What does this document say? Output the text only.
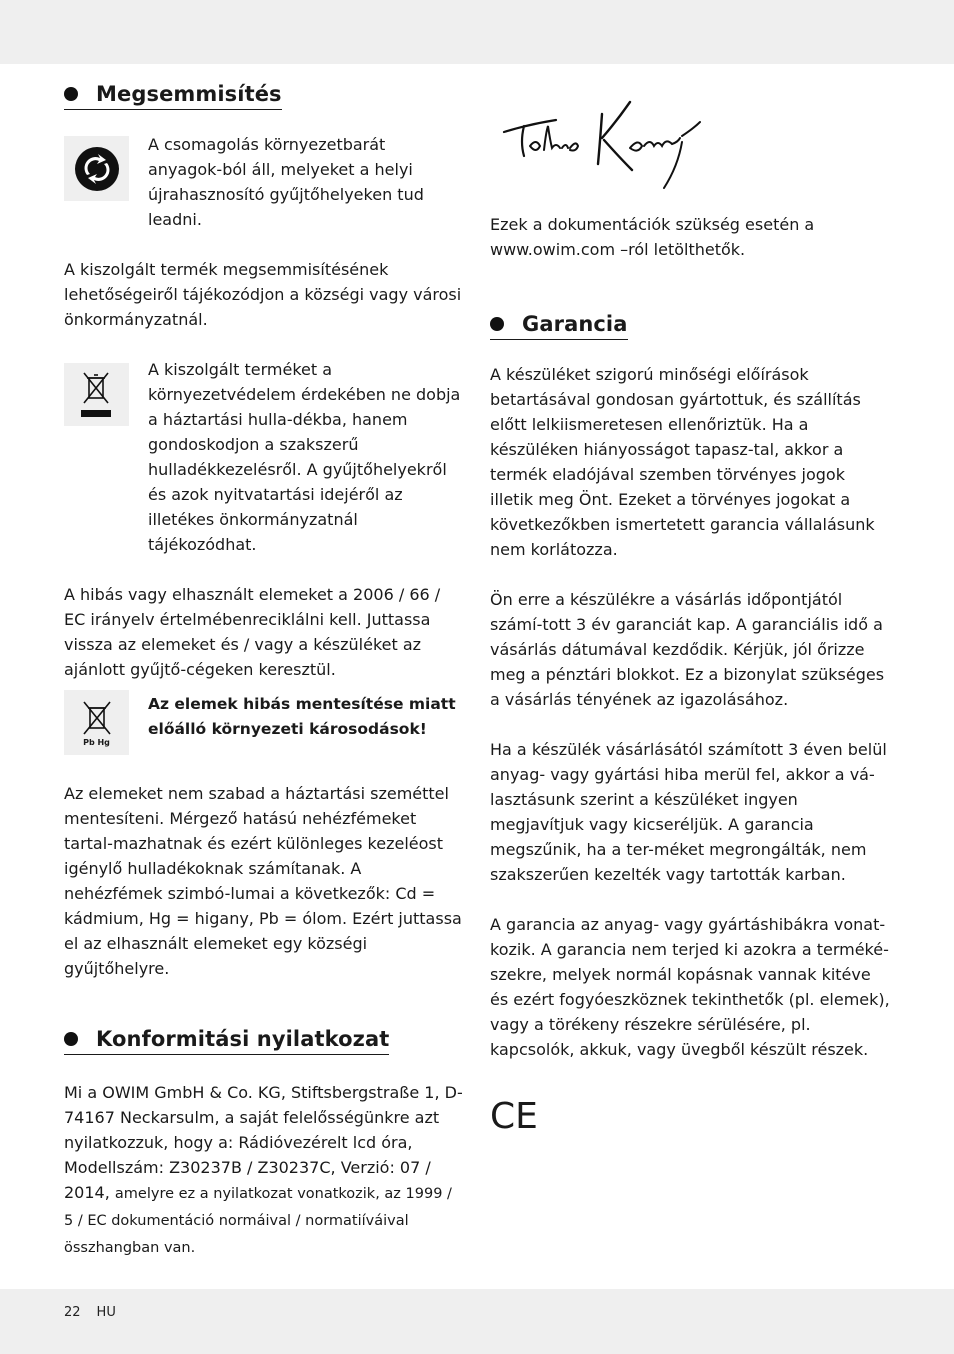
Megsemmisítés

A csomagolás környezetbarát anyagok-ból áll, melyeket a helyi újrahasznosító gyűjtőhelyeken tud leadni.

A kiszolgált termék megsemmisítésének lehetőségeiről tájékozódjon a községi vagy városi önkormányzatnál.

A kiszolgált terméket a környezetvédelem érdekében ne dobja a háztartási hulla-dékba, hanem gondoskodjon a szakszerű hulladékkezelésről. A gyűjtőhelyekről és azok nyitvatartási idejéről az illetékes önkormányzatnál tájékozódhat.

A hibás vagy elhasznált elemeket a 2006 / 66 / EC irányelv értelmébenreciklálni kell. Juttassa vissza az elemeket és / vagy a készüléket az ajánlott gyűjtő-cégeken keresztül.

Pb Hg

Az elemek hibás mentesítése miatt előálló környezeti károsodások!

Az elemeket nem szabad a háztartási szeméttel mentesíteni. Mérgező hatású nehézfémeket tartal-mazhatnak és ezért különleges kezeléost igénylő hulladékoknak számítanak. A nehézfémek szimbó-lumai a következők: Cd = kádmium, Hg = higany, Pb = ólom. Ezért juttassa el az elhasznált elemeket egy községi gyűjtőhelyre.

Konformitási nyilatkozat

Mi a OWIM GmbH & Co. KG, Stiftsbergstraße 1, D-74167 Neckarsulm, a saját felelősségünkre azt nyilatkozzuk, hogy a: Rádióvezérelt lcd óra, Modellszám: Z30237B / Z30237C, Verzió: 07 / 2014, amelyre ez a nyilatkozat vonatkozik, az 1999 / 5 / EC dokumentáció normáival / normatiíváival összhangban van.

Ezek a dokumentációk szükség esetén a www.owim.com –ról letölthetők.

Garancia

A készüléket szigorú minőségi előírások betartásával gondosan gyártottuk, és szállítás előtt lelkiismeretesen ellenőriztük. Ha a készüléken hiányosságot tapasz-tal, akkor a termék eladójával szemben törvényes jogok illetik meg Önt. Ezeket a törvényes jogokat a következőkben ismertetett garancia vállalásunk nem korlátozza.

Ön erre a készülékre a vásárlás időpontjától számí-tott 3 év garanciát kap. A garanciális idő a vásárlás dátumával kezdődik. Kérjük, jól őrizze meg a pénztári blokkot. Ez a bizonylat szükséges a vásárlás tényének az igazolásához.

Ha a készülék vásárlásától számított 3 éven belül anyag- vagy gyártási hiba merül fel, akkor a vá-lasztásunk szerint a készüléket ingyen megjavítjuk vagy kicseréljük. A garancia megszűnik, ha a ter-méket megrongálták, nem szakszerűen kezelték vagy tartották karban.

A garancia az anyag- vagy gyártáshibákra vonat-kozik. A garancia nem terjed ki azokra a terméké-szekre, melyek normál kopásnak vannak kitéve és ezért fogyóeszköznek tekinthetők (pl. elemek), vagy a törékeny részekre sérülésére, pl. kapcsolók, akkuk, vagy üvegből készült részek.

CE
22 HU
